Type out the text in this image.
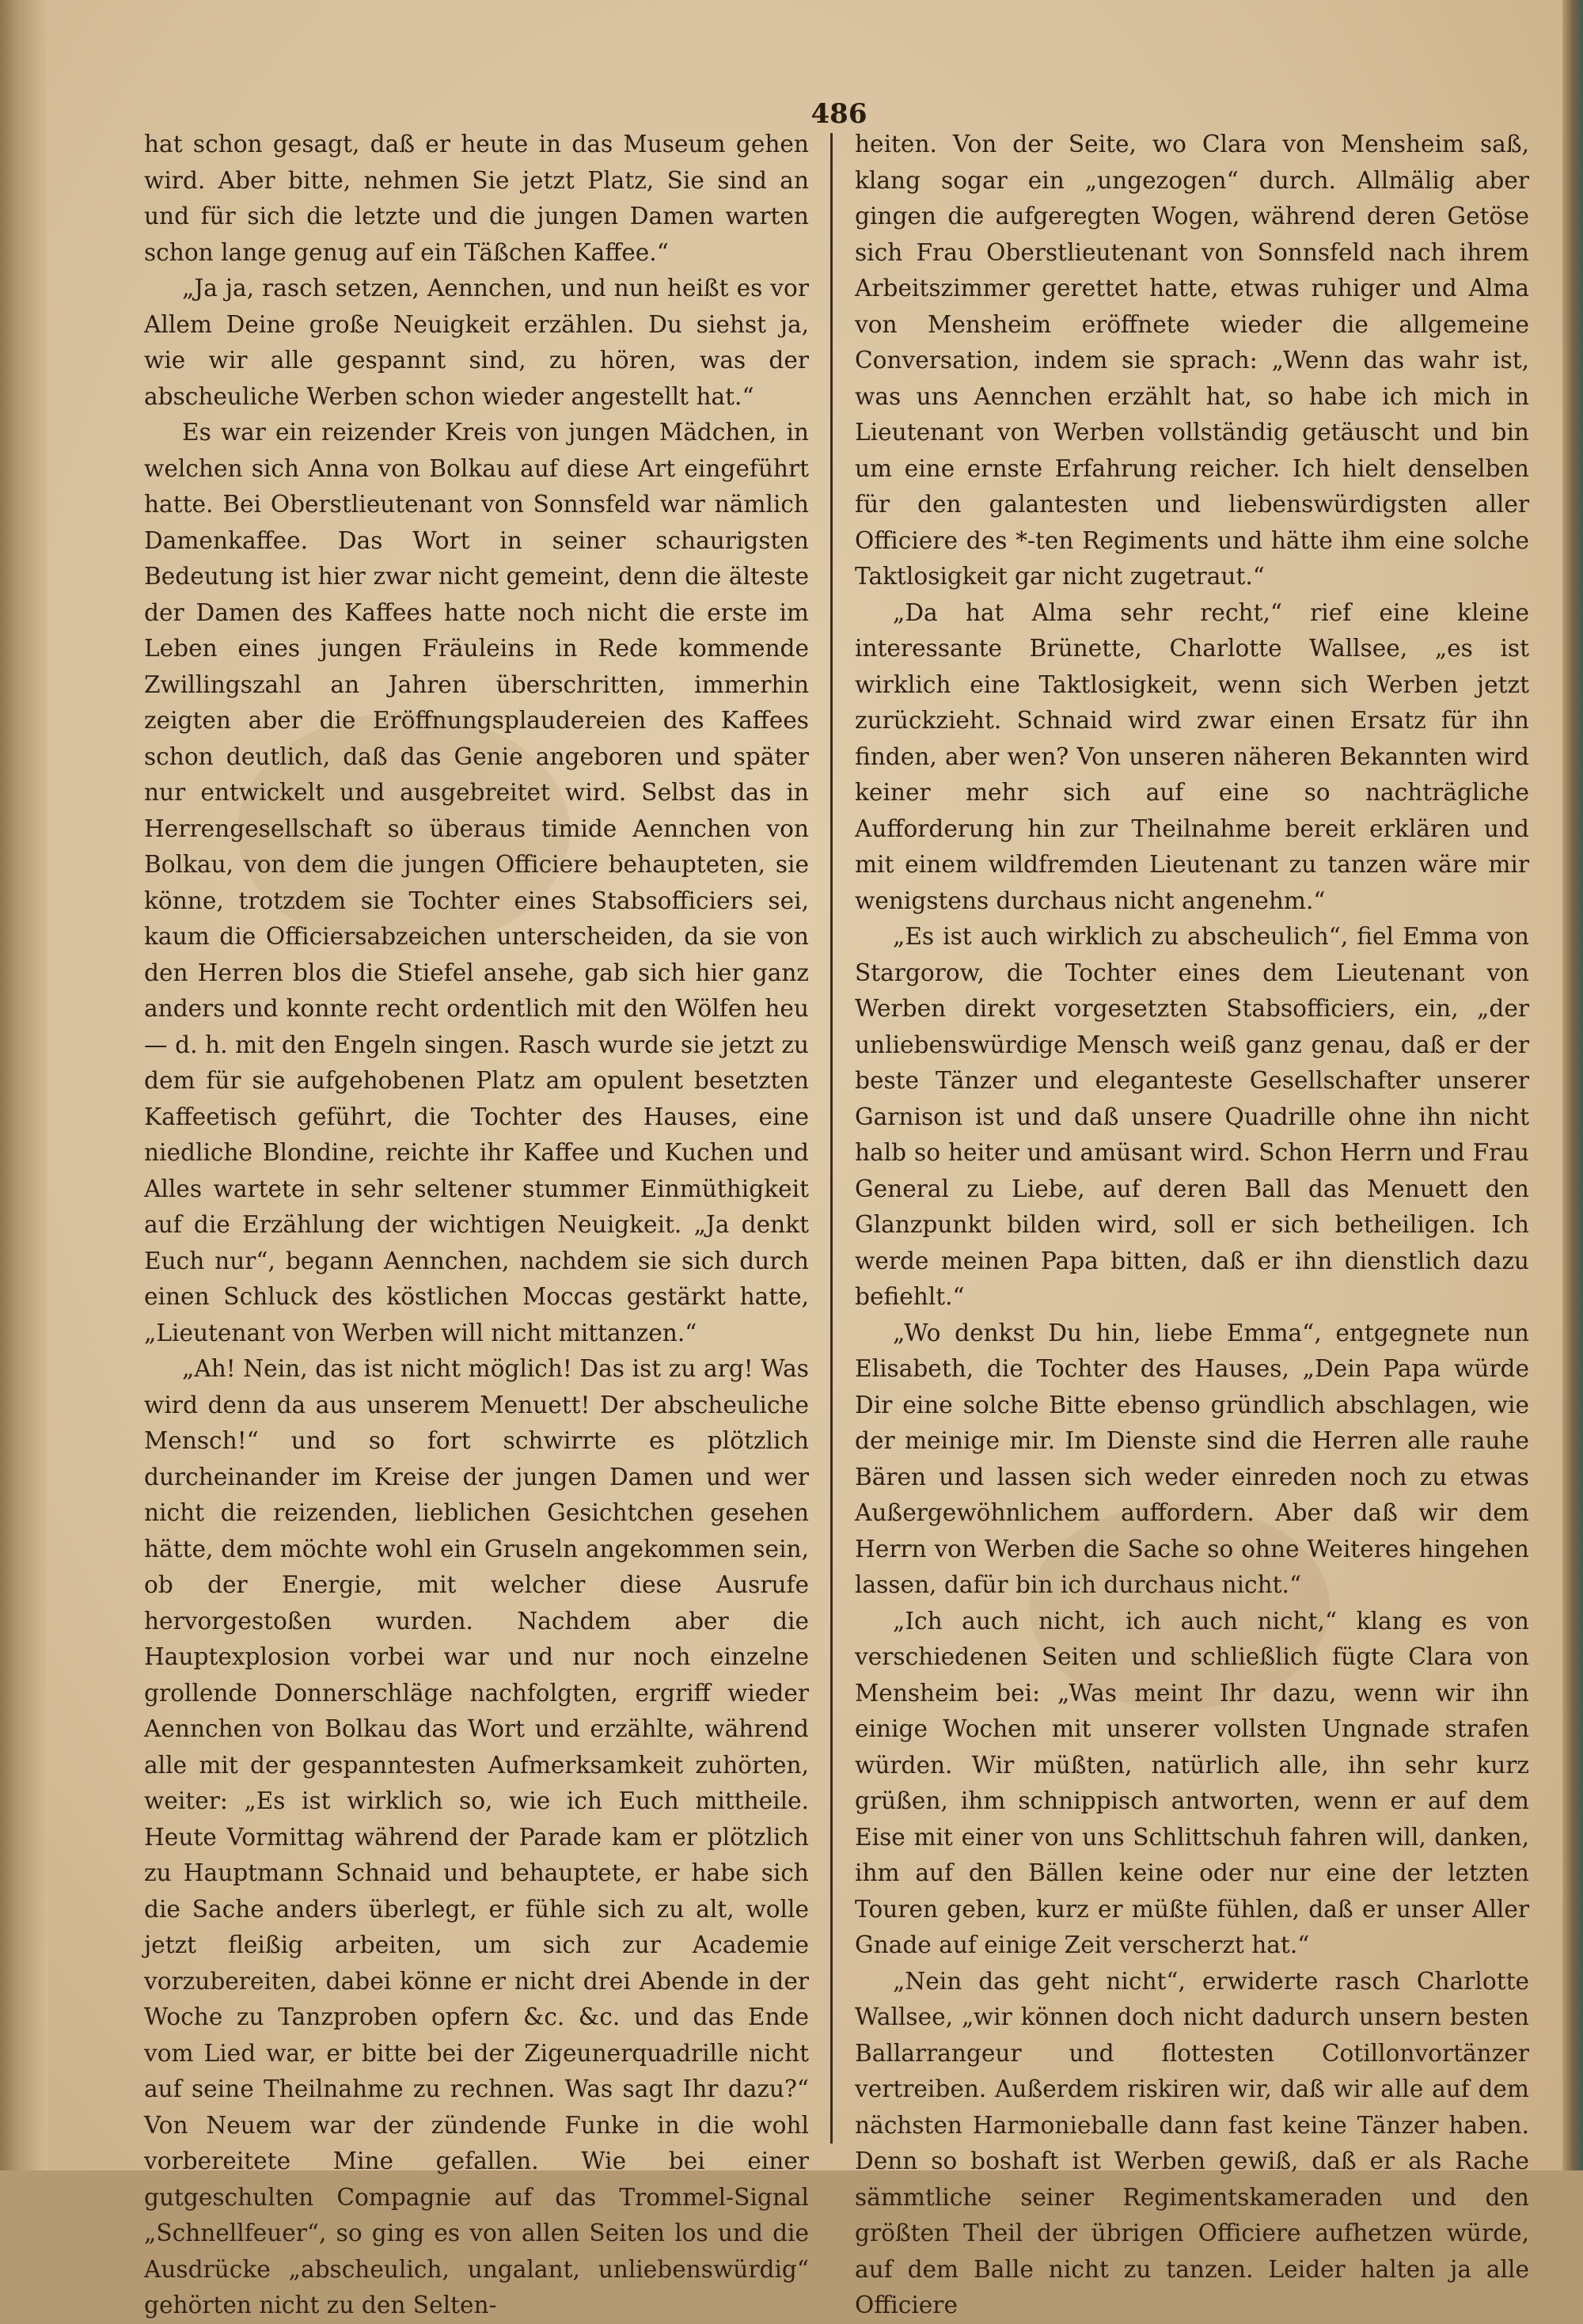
486

hat schon gesagt, daß er heute in das Museum gehen wird. Aber bitte, nehmen Sie jetzt Platz, Sie sind an und für sich die letzte und die jungen Damen warten schon lange genug auf ein Täßchen Kaffee.“

„Ja ja, rasch setzen, Aennchen, und nun heißt es vor Allem Deine große Neuigkeit erzählen. Du siehst ja, wie wir alle gespannt sind, zu hören, was der abscheuliche Werben schon wieder angestellt hat.“

Es war ein reizender Kreis von jungen Mädchen, in welchen sich Anna von Bolkau auf diese Art eingeführt hatte. Bei Oberstlieutenant von Sonnsfeld war nämlich Damenkaffee. Das Wort in seiner schaurigsten Bedeutung ist hier zwar nicht gemeint, denn die älteste der Damen des Kaffees hatte noch nicht die erste im Leben eines jungen Fräuleins in Rede kommende Zwillingszahl an Jahren überschritten, immerhin zeigten aber die Eröffnungsplaudereien des Kaffees schon deutlich, daß das Genie angeboren und später nur entwickelt und ausgebreitet wird. Selbst das in Herrengesellschaft so überaus timide Aennchen von Bolkau, von dem die jungen Officiere behaupteten, sie könne, trotzdem sie Tochter eines Stabsofficiers sei, kaum die Officiersabzeichen unterscheiden, da sie von den Herren blos die Stiefel ansehe, gab sich hier ganz anders und konnte recht ordentlich mit den Wölfen heu— d. h. mit den Engeln singen. Rasch wurde sie jetzt zu dem für sie aufgehobenen Platz am opulent besetzten Kaffeetisch geführt, die Tochter des Hauses, eine niedliche Blondine, reichte ihr Kaffee und Kuchen und Alles wartete in sehr seltener stummer Einmüthigkeit auf die Erzählung der wichtigen Neuigkeit. „Ja denkt Euch nur“, begann Aennchen, nachdem sie sich durch einen Schluck des köstlichen Moccas gestärkt hatte, „Lieutenant von Werben will nicht mittanzen.“

„Ah! Nein, das ist nicht möglich! Das ist zu arg! Was wird denn da aus unserem Menuett! Der abscheuliche Mensch!“ und so fort schwirrte es plötzlich durcheinander im Kreise der jungen Damen und wer nicht die reizenden, lieblichen Gesichtchen gesehen hätte, dem möchte wohl ein Gruseln angekommen sein, ob der Energie, mit welcher diese Ausrufe hervorgestoßen wurden. Nachdem aber die Hauptexplosion vorbei war und nur noch einzelne grollende Donnerschläge nachfolgten, ergriff wieder Aennchen von Bolkau das Wort und erzählte, während alle mit der gespanntesten Aufmerksamkeit zuhörten, weiter: „Es ist wirklich so, wie ich Euch mittheile. Heute Vormittag während der Parade kam er plötzlich zu Hauptmann Schnaid und behauptete, er habe sich die Sache anders überlegt, er fühle sich zu alt, wolle jetzt fleißig arbeiten, um sich zur Academie vorzubereiten, dabei könne er nicht drei Abende in der Woche zu Tanzproben opfern &c. &c. und das Ende vom Lied war, er bitte bei der Zigeunerquadrille nicht auf seine Theilnahme zu rechnen. Was sagt Ihr dazu?“ Von Neuem war der zündende Funke in die wohl vorbereitete Mine gefallen. Wie bei einer gutgeschulten Compagnie auf das Trommel-Signal „Schnellfeuer“, so ging es von allen Seiten los und die Ausdrücke „abscheulich, ungalant, unliebenswürdig“ gehörten nicht zu den Selten-

heiten. Von der Seite, wo Clara von Mensheim saß, klang sogar ein „ungezogen“ durch. Allmälig aber gingen die aufgeregten Wogen, während deren Getöse sich Frau Oberstlieutenant von Sonnsfeld nach ihrem Arbeitszimmer gerettet hatte, etwas ruhiger und Alma von Mensheim eröffnete wieder die allgemeine Conversation, indem sie sprach: „Wenn das wahr ist, was uns Aennchen erzählt hat, so habe ich mich in Lieutenant von Werben vollständig getäuscht und bin um eine ernste Erfahrung reicher. Ich hielt denselben für den galantesten und liebenswürdigsten aller Officiere des *-ten Regiments und hätte ihm eine solche Taktlosigkeit gar nicht zugetraut.“

„Da hat Alma sehr recht,“ rief eine kleine interessante Brünette, Charlotte Wallsee, „es ist wirklich eine Taktlosigkeit, wenn sich Werben jetzt zurückzieht. Schnaid wird zwar einen Ersatz für ihn finden, aber wen? Von unseren näheren Bekannten wird keiner mehr sich auf eine so nachträgliche Aufforderung hin zur Theilnahme bereit erklären und mit einem wildfremden Lieutenant zu tanzen wäre mir wenigstens durchaus nicht angenehm.“

„Es ist auch wirklich zu abscheulich“, fiel Emma von Stargorow, die Tochter eines dem Lieutenant von Werben direkt vorgesetzten Stabsofficiers, ein, „der unliebenswürdige Mensch weiß ganz genau, daß er der beste Tänzer und eleganteste Gesellschafter unserer Garnison ist und daß unsere Quadrille ohne ihn nicht halb so heiter und amüsant wird. Schon Herrn und Frau General zu Liebe, auf deren Ball das Menuett den Glanzpunkt bilden wird, soll er sich betheiligen. Ich werde meinen Papa bitten, daß er ihn dienstlich dazu befiehlt.“

„Wo denkst Du hin, liebe Emma“, entgegnete nun Elisabeth, die Tochter des Hauses, „Dein Papa würde Dir eine solche Bitte ebenso gründlich abschlagen, wie der meinige mir. Im Dienste sind die Herren alle rauhe Bären und lassen sich weder einreden noch zu etwas Außergewöhnlichem auffordern. Aber daß wir dem Herrn von Werben die Sache so ohne Weiteres hingehen lassen, dafür bin ich durchaus nicht.“

„Ich auch nicht, ich auch nicht,“ klang es von verschiedenen Seiten und schließlich fügte Clara von Mensheim bei: „Was meint Ihr dazu, wenn wir ihn einige Wochen mit unserer vollsten Ungnade strafen würden. Wir müßten, natürlich alle, ihn sehr kurz grüßen, ihm schnippisch antworten, wenn er auf dem Eise mit einer von uns Schlittschuh fahren will, danken, ihm auf den Bällen keine oder nur eine der letzten Touren geben, kurz er müßte fühlen, daß er unser Aller Gnade auf einige Zeit verscherzt hat.“

„Nein das geht nicht“, erwiderte rasch Charlotte Wallsee, „wir können doch nicht dadurch unsern besten Ballarrangeur und flottesten Cotillonvortänzer vertreiben. Außerdem riskiren wir, daß wir alle auf dem nächsten Harmonieballe dann fast keine Tänzer haben. Denn so boshaft ist Werben gewiß, daß er als Rache sämmtliche seiner Regimentskameraden und den größten Theil der übrigen Officiere aufhetzen würde, auf dem Balle nicht zu tanzen. Leider halten ja alle Officiere
